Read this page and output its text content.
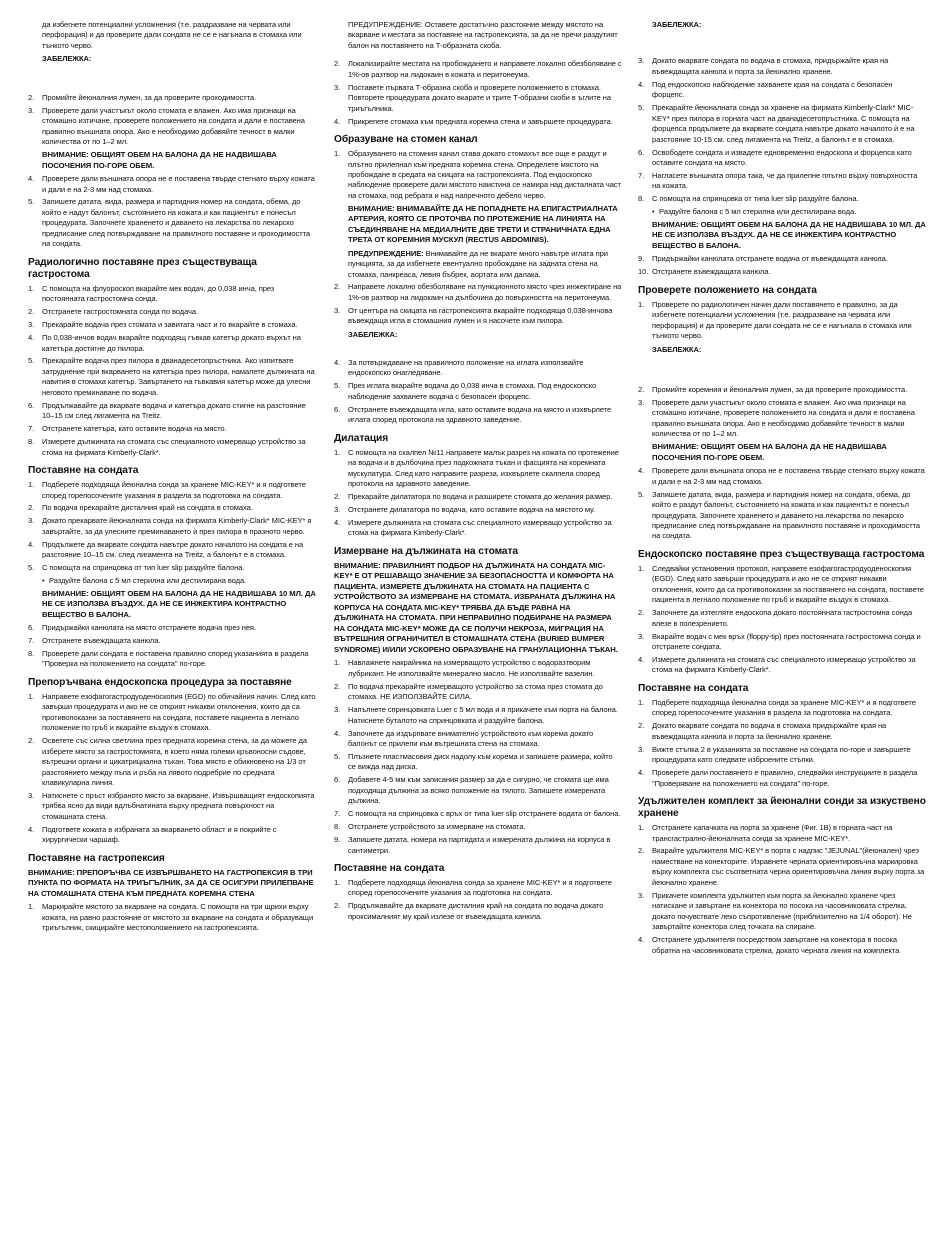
да избегнете потенциални усложнения (т.е. раздразване на червата или перфорация) и да проверите дали сондата не се е нагънала в стомаха или тънкото черво.

ЗАБЕЛЕЖКА:

2. Промийте йеюналния лумен, за да проверите проходимостта.
3. Проверете дали участъкът около стомата е влажен. Ако има признаци на стомашно изтичане, проверете положението на сондата и дали е поставена правилно външната опора. Ако е необходимо добавяйте течност в малки количества от по 1–2 мл.

ВНИМАНИЕ: ОБЩИЯТ ОБЕМ НА БАЛОНА ДА НЕ НАДВИШАВА ПОСОЧЕНИЯ ПО-ГОРЕ ОБЕМ.

4. Проверете дали външната опора не е поставена твърде стегнато върху кожата и дали е на 2-3 мм над стомаха.
5. Запишете датата, вида, размера и партидния номер на сондата, обема, до който е надут балонът, състоянието на кожата и как пациентът е понесъл процедурата. Започнете храненето и даването на лекарства по лекарско предписание след потвърждаване на правилното поставяне и проходимостта на сондата.
Радиологично поставяне през съществуваща гастростома
1. С помощта на флуороскоп вкарайте мек водач, до 0,038 инча, през постоянната гастростомна сонда.
2. Отстранете гастростомната сонда по водача.
3. Прекарайте водача през стомата и завитата част и го вкарайте в стомаха.
4. По 0,038-инчов водач вкарайте подходящ гъвкав катетър докато върхът на катетъра достигне до пилора.
5. Прекарайте водача през пилора в дванадесетопръстника. Ако изпитвате затруднение при вкарването на катетъра през пилора, намалете дължината на навития в стомаха катетър. Завъртането на гъвкавия катетър може да улесни неговото преминаване по водача.
6. Продължавайте да вкарвате водача и катетъра докато стигне на разстояние 10–15 см след лигамента на Treitz.
7. Отстранете катетъра, като оставите водача на място.
8. Измерете дължината на стомата със специалното измерващо устройство за стома на фирмата Kimberly-Clark*.
Поставяне на сондата
1. Подберете подходяща йеюнална сонда за хранене MIC-KEY* и я подгответе според горепосочените указания в раздела за подготовка на сондата.
2. По водача прекарайте дисталния край на сондата в стомаха.
3. Докато прекарвате йеюналната сонда на фирмата Kimberly-Clark* MIC-KEY* я завъртайте, за да улесните преминаването ѝ през пилора в празното черво.
4. Продължете да вкарвате сондата навътре докато началото на сондата е на разстояние 10–15 см. след лигамента на Treitz, а балонът е в стомаха.
5. С помощта на спринцовка от тип luer slip раздуйте балона.
• Раздуйте балона с 5 мл стерилна или дестилирана вода.

ВНИМАНИЕ: ОБЩИЯТ ОБЕМ НА БАЛОНА ДА НЕ НАДВИШАВА 10 МЛ. ДА НЕ СЕ ИЗПОЛЗВА ВЪЗДУХ. ДА НЕ СЕ ИНЖЕКТИРА КОНТРАСТНО ВЕЩЕСТВО В БАЛОНА.

6. Придържайки канюлата на място отстранете водача през нея.
7. Отстранете въвеждащата канюла.
8. Проверете дали сондата е поставена правилно според указанията в раздела "Проверка на положението на сондата" по-горе.
Препоръчвана ендоскопска процедура за поставяне
1. Направете езофагогастродуоденоскопия (EGD) по обичайния начин. След като завърши процедурата и ако не се открият никакви отклонения, които да са противопоказни за поставянето на сондата, поставете пациента в легнало положение по гръб и вкарайте въздух в стомаха.
2. Осветете със силна светлина през предната коремна стена, за да можете да изберете място за гастростомията, в което няма големи кръвоносни съдове, вътрешни органи и цикатрициална тъкан. Това място е обикновено на 1/3 от разстоянието между пъпа и ръба на лявото подребрие по средната клавикуларна линия.
3. Натиснете с пръст избраното място за вкарване. Извършващият ендоскопията трябва ясно да види вдлъбнатината върху предната повърхност на стомашната стена.
4. Подгответе кожата в избраната за вкарването област и я покрийте с хирургически чаршаф.
Поставяне на гастропексия

ВНИМАНИЕ: ПРЕПОРЪЧВА СЕ ИЗВЪРШВАНЕТО НА ГАСТРОПЕКСИЯ В ТРИ ПУНКТА ПО ФОРМАТА НА ТРИЪГЪЛНИК, ЗА ДА СЕ ОСИГУРИ ПРИЛЕПВАНЕ НА СТОМАШНАТА СТЕНА КЪМ ПРЕДНАТА КОРЕМНА СТЕНА

1. Маркирайте мястото за вкарване на сондата. С помощта на три щрихи върху кожата, на равно разстояние от мястото за вкарване на сондата и образуващи триъгълник, скицирайте местоположението на гастропексията.

ПРЕДУПРЕЖДЕНИЕ: Оставете достатъчно разстояние между мястото на вкарване и местата за поставяне на гастропексията, за да не пречи раздутият балон на поставянето на Т-образната скоба.

2. Локализирайте местата на пробождането и направете локално обезболяване с 1%-ов разтвор на лидокаин в кожата и перитонеума.
3. Поставете първата Т-образна скоба и проверете положението в стомаха. Повторете процедурата докато вкарате и трите Т-образни скоби в ъглите на триъгълника.
4. Прикрепете стомаха към предната коремна стена и завършете процедурата.
Образуване на стомен канал
1. Образуването на стомния канал става докато стомахът все още е раздут и плътно прилепнал към предната коремна стена. Определете мястото на пробождане в средата на скицата на гастропексията. Под ендоскопско наблюдение проверете дали мястото наистина се намира над дисталната част на стомаха, под ребрата и над напречното дебело черво.

ВНИМАНИЕ: ВНИМАВАЙТЕ ДА НЕ ПОПАДНЕТЕ НА ЕПИГАСТРИАЛНАТА АРТЕРИЯ, КОЯТО СЕ ПРОТОЧВА ПО ПРОТЕЖЕНИЕ НА ЛИНИЯТА НА СЪЕДИНЯВАНЕ НА МЕДИАЛНИТЕ ДВЕ ТРЕТИ И СТРАНИЧНАТА ЕДНА ТРЕТА ОТ КОРЕМНИЯ МУСКУЛ (RECTUS ABDOMINIS).

ПРЕДУПРЕЖДЕНИЕ: Внимавайте да не вкарате много навътре иглата при пункцията, за да избегнете евентуално пробождане на задната стена на стомаха, панкреаса, левия бъбрек, аортата или далака.

2. Направете локално обезболяване на пункционното място чрез инжектиране на 1%-ов разтвор на лидокаин на дълбочина до повърхността на перитонеума.
3. От центъра на скицата на гастропексията вкарайте подходяща 0,038-инчова въвеждаща игла в стомашния лумен и я насочете към пилора.

ЗАБЕЛЕЖКА:

4. За потвърждаване на правилното положение на иглата използвайте ендоскопско онагледяване.
5. През иглата вкарайте водача до 0,038 инча в стомаха. Под ендоскопско наблюдение захванете водача с безопасен форцепс.
6. Отстранете въвеждащата игла, като оставите водача на място и изхвърлете иглата според протокола на здравното заведение.
Дилатация
1. С помощта на скалпел №11 направете малък разрез на кожата по протежение на водача и в дълбочина през подкожната тъкан и фасцията на коремната мускулатура. След като направите разреза, изхвърлете скалпела според протокола на здравното заведение.
2. Прекарайте дилататора по водача и разширете стомата до желания размер.
3. Отстранете дилататора по водача, като оставите водача на мястото му.
4. Измерете дължината на стомата със специалното измерващо устройство за стома на фирмата Kimberly-Clark*.
Измерване на дължината на стомата

ВНИМАНИЕ: ПРАВИЛНИЯТ ПОДБОР НА ДЪЛЖИНАТА НА СОНДАТА MIC-KEY* Е ОТ РЕШАВАЩО ЗНАЧЕНИЕ ЗА БЕЗОПАСНОСТТА И КОМФОРТА НА ПАЦИЕНТА. ИЗМЕРЕТЕ ДЪЛЖИНАТА НА СТОМАТА НА ПАЦИЕНТА С УСТРОЙСТВОТО ЗА ИЗМЕРВАНЕ НА СТОМАТА. ИЗБРАНАТА ДЪЛЖИНА НА КОРПУСА НА СОНДАТА MIC-KEY* ТРЯБВА ДА БЪДЕ РАВНА НА ДЪЛЖИНАТА НА СТОМАТА. ПРИ НЕПРАВИЛНО ПОДБИРАНЕ НА РАЗМЕРА НА СОНДАТА MIC-KEY* МОЖЕ ДА СЕ ПОЛУЧИ НЕКРОЗА, МИГРАЦИЯ НА ВЪТРЕШНИЯ ОГРАНИЧИТЕЛ В СТОМАШНАТА СТЕНА (BURIED BUMPER SYNDROME) И/ИЛИ УСКОРЕНО ОБРАЗУВАНЕ НА ГРАНУЛАЦИОННА ТЪКАН.

1. Навлажнете накрайника на измерващото устройство с водоразтворим лубрикант. Не използвайте минерално масло. Не използвайте вазелин.
2. По водача прекарайте измерващото устройство за стома през стомата до стомаха. НЕ ИЗПОЛЗВАЙТЕ СИЛА.
3. Напълнете спринцовката Luer с 5 мл вода и я прикачете към порта на балона. Натиснете буталото на спринцовката и раздуйте балона.
4. Започнете да издърпвате внимателно устройството към корема докато балонът се прилепи към вътрешната стена на стомаха.
5. Плъзнете пластмасовия диск надолу към корема и запишете размера, който се вижда над диска.
6. Добавете 4-5 мм към записания размер за да е сигурно, че стомата ще има подходяща дължина за всяко положение на тялото. Запишете измерената дължина.
7. С помощта на спринцовка с връх от типа luer slip отстранете водата от балона.
8. Отстранете устройството за измерване на стомата.
9. Запишете датата, номера на партидата и измерената дължина на корпуса в сантиметри.
Поставяне на сондата
1. Подберете подходяща йеюнална сонда за хранене MIC-KEY* и я подгответе според горепосочените указания за подготовка на сондата.
2. Продължавайте да вкарвате дисталния край на сондата по водача докато проксималният му край излезе от въвеждащата канюла.

ЗАБЕЛЕЖКА:

3. Докато вкарвате сондата по водача в стомаха, придържайте края на въвеждащата канюла и порта за йеюнално хранене.
4. Под ендоскопско наблюдение захванете края на сондата с безопасен форцепс.
5. Прекарайте йеюналната сонда за хранене на фирмата Kimberly-Clark* MIC-KEY* през пилора в горната част на дванадесетопръстника. С помощта на форцепса продължете да вкарвате сондата навътре докато началото ѝ е на разстояние 10-15 см. след лигамента на Treitz, а балонът е в стомаха.
6. Освободете сондата и извадете едновременно ендоскопа и форцепса като оставите сондата на място.
7. Нагласете външната опора така, че да прилепне плътно върху повърхността на кожата.
8. С помощта на спринцовка от типа luer slip раздуйте балона.
• Раздуйте балона с 5 мл стерилна или дестилирана вода.

ВНИМАНИЕ: ОБЩИЯТ ОБЕМ НА БАЛОНА ДА НЕ НАДВИШАВА 10 МЛ. ДА НЕ СЕ ИЗПОЛЗВА ВЪЗДУХ. ДА НЕ СЕ ИНЖЕКТИРА КОНТРАСТНО ВЕЩЕСТВО В БАЛОНА.

9. Придържайки канюлата отстранете водача от въвеждащата канюла.
10. Отстранете въвеждащата канюла.
Проверете положението на сондата
1. Проверете по радиологичен начин дали поставянето е правилно, за да избегнете потенциални усложнения (т.е. раздразване на червата или перфорация) и да проверите дали сондата не се е нагънала в стомаха или тънкото черво.

ЗАБЕЛЕЖКА:

2. Промийте коремния и йеюналния лумен, за да проверите проходимостта.
3. Проверете дали участъкът около стомата е влажен. Ако има признаци на стомашно изтичане, проверете положението на сондата и дали е поставена правилно външната опора. Ако е необходимо добавяйте течност в малки количества от по 1–2 мл.

ВНИМАНИЕ: ОБЩИЯТ ОБЕМ НА БАЛОНА ДА НЕ НАДВИШАВА ПОСОЧЕНИЯ ПО-ГОРЕ ОБЕМ.

4. Проверете дали външната опора не е поставена твърде стегнато върху кожата и дали е на 2-3 мм над стомаха.
5. Запишете датата, вида, размера и партидния номер на сондата, обема, до който е раздут балонът, състоянието на кожата и как пациентът е понесъл процедурата. Започнете храненето и даването на лекарства по лекарско предписание след потвърждаване на правилното поставяне и проходимостта на сондата.
Ендоскопско поставяне през съществуваща гастростома
1. Следвайки установения протокол, направете езофагогастродуоденоскопия (EGD). След като завърши процедурата и ако не се открият никакви отклонения, които да са противопоказни за поставянето на сондата, поставете пациента в легнало положение по гръб и вкарайте въздух в стомаха.
2. Започнете да изтегляте ендоскопа докато постоянната гастростомна сонда влезе в полезрението.
3. Вкарайте водач с мек връх (floppy-tip) през постоянната гастростомна сонда и отстранете сондата.
4. Измерете дължината на стомата със специалното измерващо устройство за стома на фирмата Kimberly-Clark*.
Поставяне на сондата
1. Подберете подходяща йеюнална сонда за хранене MIC-KEY* и я подгответе според горепосочените указания в раздела за подготовка на сондата.
2. Докато вкарвате сондата по водача в стомаха придържайте края на въвеждащата канюла и порта за йеюнално хранене.
3. Вижте стъпка 2 в указанията за поставяне на сондата по-горе и завършете процедурата като следвате изброените стъпки.
4. Проверете дали поставянето е правилно, следвайки инструкциите в раздела "Проверяване на положението на сондата" по-горе.
Удължителен комплект за йеюнални сонди за изкуствено хранене
1. Отстранете капачката на порта за хранене (Фиг. 1B) в горната част на трансгастрално-йеюналната сонда за хранене MIC-KEY*.
2. Вкарайте удължителя MIC-KEY* в порта с надпис "JEJUNAL"(йеюнален) чрез наместване на конекторите. Изравнете черната ориентировъчна маркировка върху комплекта със съответната черна ориентировъчна линия върху порта за йеюнално хранене.
3. Прикачете комплекта удължител към порта за йеюнално хранене чрез натискане и завъртане на конектора по посока на часовниковата стрелка, докато почувствате леко съпротивление (приблизително на 1/4 оборот). Не завъртайте конектора след точката на спиране.
4. Отстранете удължителя посредством завъртане на конектора в посока обратна на часовниковата стрелка, докато черната линия на комплекта
